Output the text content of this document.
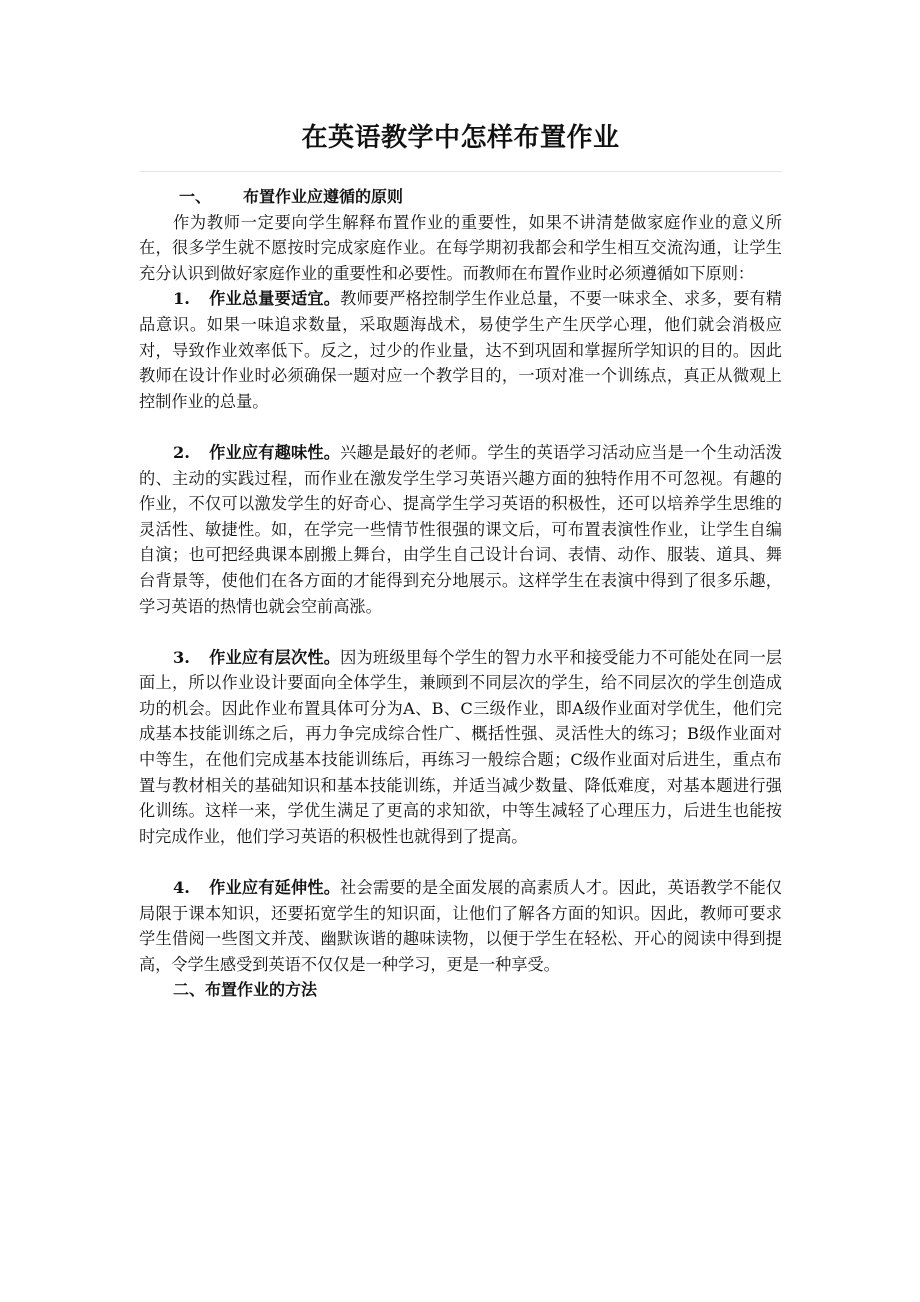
在英语教学中怎样布置作业

一、 布置作业应遵循的原则

作为教师一定要向学生解释布置作业的重要性，如果不讲清楚做家庭作业的意义所在，很多学生就不愿按时完成家庭作业。在每学期初我都会和学生相互交流沟通，让学生充分认识到做好家庭作业的重要性和必要性。而教师在布置作业时必须遵循如下原则：

1. 作业总量要适宜。教师要严格控制学生作业总量，不要一味求全、求多，要有精品意识。如果一味追求数量，采取题海战术，易使学生产生厌学心理，他们就会消极应对，导致作业效率低下。反之，过少的作业量，达不到巩固和掌握所学知识的目的。因此教师在设计作业时必须确保一题对应一个教学目的，一项对准一个训练点，真正从微观上控制作业的总量。

2. 作业应有趣味性。兴趣是最好的老师。学生的英语学习活动应当是一个生动活泼的、主动的实践过程，而作业在激发学生学习英语兴趣方面的独特作用不可忽视。有趣的作业，不仅可以激发学生的好奇心、提高学生学习英语的积极性，还可以培养学生思维的灵活性、敏捷性。如，在学完一些情节性很强的课文后，可布置表演性作业，让学生自编自演；也可把经典课本剧搬上舞台，由学生自己设计台词、表情、动作、服装、道具、舞台背景等，使他们在各方面的才能得到充分地展示。这样学生在表演中得到了很多乐趣，学习英语的热情也就会空前高涨。

3. 作业应有层次性。因为班级里每个学生的智力水平和接受能力不可能处在同一层面上，所以作业设计要面向全体学生，兼顾到不同层次的学生，给不同层次的学生创造成功的机会。因此作业布置具体可分为A、B、C三级作业，即A级作业面对学优生，他们完成基本技能训练之后，再力争完成综合性广、概括性强、灵活性大的练习；B级作业面对中等生，在他们完成基本技能训练后，再练习一般综合题；C级作业面对后进生，重点布置与教材相关的基础知识和基本技能训练，并适当减少数量、降低难度，对基本题进行强化训练。这样一来，学优生满足了更高的求知欲，中等生减轻了心理压力，后进生也能按时完成作业，他们学习英语的积极性也就得到了提高。

4. 作业应有延伸性。社会需要的是全面发展的高素质人才。因此，英语教学不能仅局限于课本知识，还要拓宽学生的知识面，让他们了解各方面的知识。因此，教师可要求学生借阅一些图文并茂、幽默诙谐的趣味读物，以便于学生在轻松、开心的阅读中得到提高，令学生感受到英语不仅仅是一种学习，更是一种享受。

二、布置作业的方法
